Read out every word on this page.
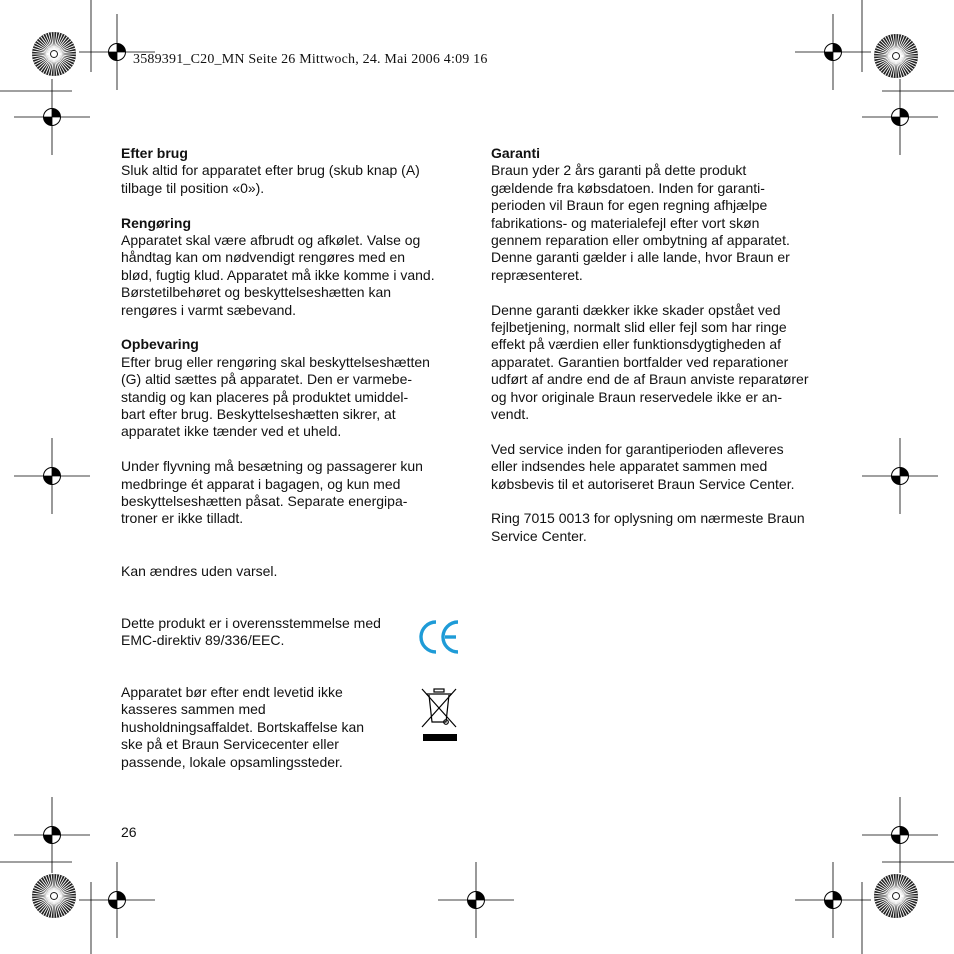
3589391_C20_MN Seite 26 Mittwoch, 24. Mai 2006 4:09 16
Efter brug

Sluk altid for apparatet efter brug (skub knap (A)
tilbage til position «0»).

Rengøring

Apparatet skal være afbrudt og afkølet. Valse og
håndtag kan om nødvendigt rengøres med en
blød, fugtig klud. Apparatet må ikke komme i vand.
Børstetilbehøret og beskyttelseshætten kan
rengøres i varmt sæbevand.

Opbevaring

Efter brug eller rengøring skal beskyttelseshætten
(G) altid sættes på apparatet. Den er varmebe-
standig og kan placeres på produktet umiddel-
bart efter brug. Beskyttelseshætten sikrer, at
apparatet ikke tænder ved et uheld.

Under flyvning må besætning og passagerer kun
medbringe ét apparat i bagagen, og kun med
beskyttelseshætten påsat. Separate energipa-
troner er ikke tilladt.

Kan ændres uden varsel.

Dette produkt er i overensstemmelse med
EMC-direktiv 89/336/EEC.

Apparatet bør efter endt levetid ikke
kasseres sammen med
husholdningsaffaldet. Bortskaffelse kan
ske på et Braun Servicecenter eller
passende, lokale opsamlingssteder.

Garanti

Braun yder 2 års garanti på dette produkt
gældende fra købsdatoen. Inden for garanti-
perioden vil Braun for egen regning afhjælpe
fabrikations- og materialefejl efter vort skøn
gennem reparation eller ombytning af apparatet.
Denne garanti gælder i alle lande, hvor Braun er
repræsenteret.

Denne garanti dækker ikke skader opstået ved
fejlbetjening, normalt slid eller fejl som har ringe
effekt på værdien eller funktionsdygtigheden af
apparatet. Garantien bortfalder ved reparationer
udført af andre end de af Braun anviste reparatører
og hvor originale Braun reservedele ikke er an-
vendt.

Ved service inden for garantiperioden afleveres
eller indsendes hele apparatet sammen med
købsbevis til et autoriseret Braun Service Center.

Ring 7015 0013 for oplysning om nærmeste Braun
Service Center.

26
